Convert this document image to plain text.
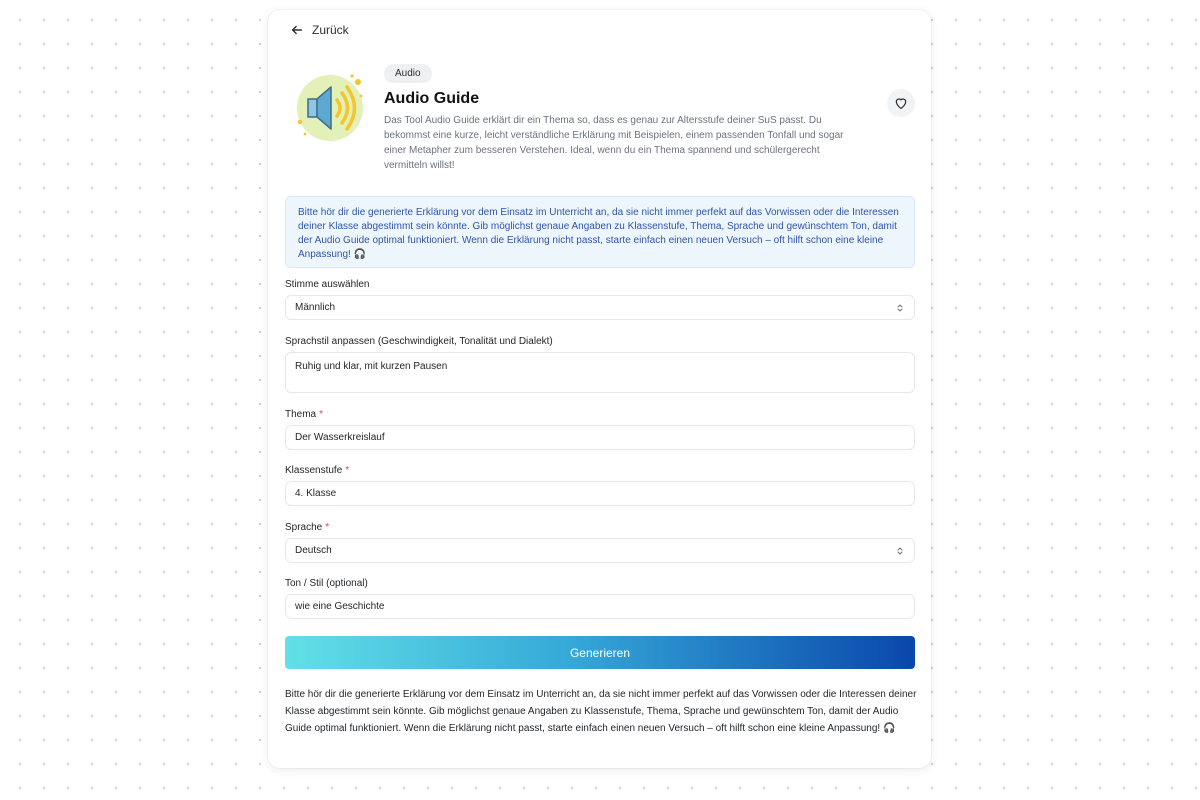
Zurück
Audio
Audio Guide
Das Tool Audio Guide erklärt dir ein Thema so, dass es genau zur Altersstufe deiner SuS passt. Du bekommst eine kurze, leicht verständliche Erklärung mit Beispielen, einem passenden Tonfall und sogar einer Metapher zum besseren Verstehen. Ideal, wenn du ein Thema spannend und schülergerecht vermitteln willst!
Bitte hör dir die generierte Erklärung vor dem Einsatz im Unterricht an, da sie nicht immer perfekt auf das Vorwissen oder die Interessen deiner Klasse abgestimmt sein könnte. Gib möglichst genaue Angaben zu Klassenstufe, Thema, Sprache und gewünschtem Ton, damit der Audio Guide optimal funktioniert. Wenn die Erklärung nicht passt, starte einfach einen neuen Versuch – oft hilft schon eine kleine Anpassung! 🎧
Stimme auswählen
Männlich
Sprachstil anpassen (Geschwindigkeit, Tonalität und Dialekt)
Ruhig und klar, mit kurzen Pausen
Thema *
Der Wasserkreislauf
Klassenstufe *
4. Klasse
Sprache *
Deutsch
Ton / Stil (optional)
wie eine Geschichte
Generieren
Bitte hör dir die generierte Erklärung vor dem Einsatz im Unterricht an, da sie nicht immer perfekt auf das Vorwissen oder die Interessen deiner Klasse abgestimmt sein könnte. Gib möglichst genaue Angaben zu Klassenstufe, Thema, Sprache und gewünschtem Ton, damit der Audio Guide optimal funktioniert. Wenn die Erklärung nicht passt, starte einfach einen neuen Versuch – oft hilft schon eine kleine Anpassung! 🎧
